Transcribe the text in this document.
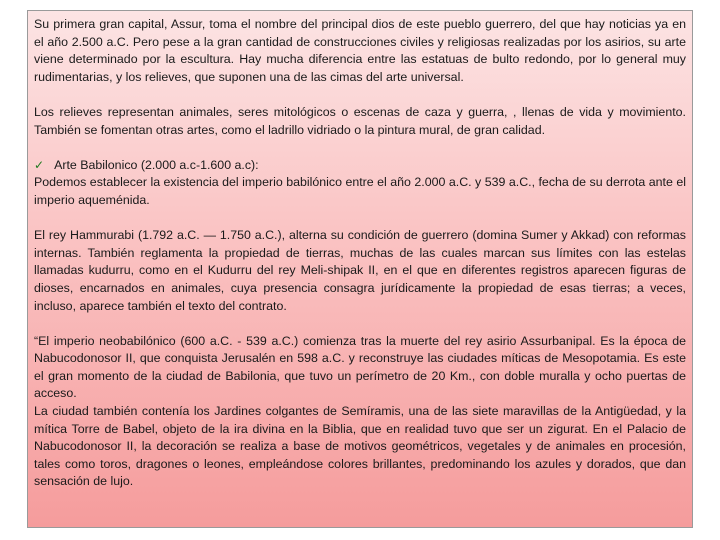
Su primera gran capital, Assur, toma el nombre del principal dios de este pueblo guerrero, del que hay noticias ya en el año 2.500 a.C. Pero pese a la gran cantidad de construcciones civiles y religiosas realizadas por los asirios, su arte viene determinado por la escultura. Hay mucha diferencia entre las estatuas de bulto redondo, por lo general muy rudimentarias, y los relieves, que suponen una de las cimas del arte universal.

Los relieves representan animales, seres mitológicos o escenas de caza y guerra, , llenas de vida y movimiento. También se fomentan otras artes, como el ladrillo vidriado o la pintura mural, de gran calidad.

✓ Arte Babilonico (2.000 a.c-1.600 a.c):

Podemos establecer la existencia del imperio babilónico entre el año 2.000 a.C. y 539 a.C., fecha de su derrota ante el imperio aqueménida.

El rey Hammurabi (1.792 a.C. — 1.750 a.C.), alterna su condición de guerrero (domina Sumer y Akkad) con reformas internas. También reglamenta la propiedad de tierras, muchas de las cuales marcan sus límites con las estelas llamadas kudurru, como en el Kudurru del rey Meli-shipak II, en el que en diferentes registros aparecen figuras de dioses, encarnados en animales, cuya presencia consagra jurídicamente la propiedad de esas tierras; a veces, incluso, aparece también el texto del contrato.

“El imperio neobabilónico (600 a.C. - 539 a.C.) comienza tras la muerte del rey asirio Assurbanipal. Es la época de Nabucodonosor II, que conquista Jerusalén en 598 a.C. y reconstruye las ciudades míticas de Mesopotamia. Es este el gran momento de la ciudad de Babilonia, que tuvo un perímetro de 20 Km., con doble muralla y ocho puertas de acceso.

La ciudad también contenía los Jardines colgantes de Semíramis, una de las siete maravillas de la Antigüedad, y la mítica Torre de Babel, objeto de la ira divina en la Biblia, que en realidad tuvo que ser un zigurat. En el Palacio de Nabucodonosor II, la decoración se realiza a base de motivos geométricos, vegetales y de animales en procesión, tales como toros, dragones o leones, empleándose colores brillantes, predominando los azules y dorados, que dan sensación de lujo.
